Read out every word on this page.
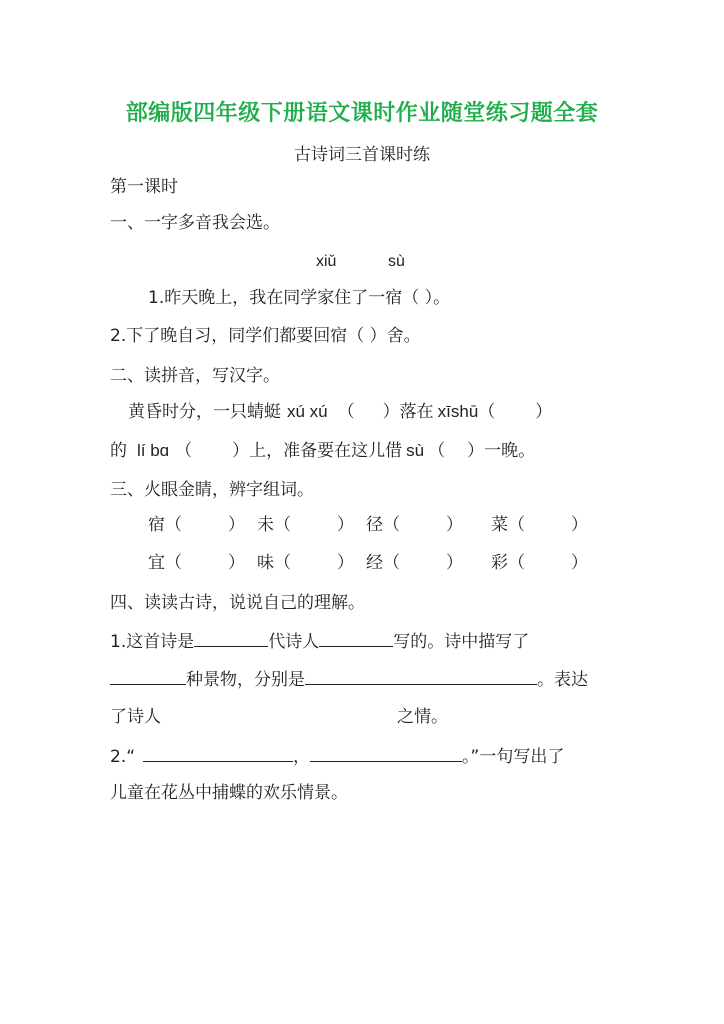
部编版四年级下册语文课时作业随堂练习题全套
古诗词三首课时练
第一课时
一、一字多音我会选。
xiǔ	sù
1.昨天晚上，我在同学家住了一宿（ ）。
2.下了晚自习，同学们都要回宿（ ）舍。
二、读拼音，写汉字。
黄昏时分，一只蜻蜓 xú xú （ ）落在 xīshū（ ）
的 lí bɑ （ ）上，准备要在这儿借 sù （ ）一晚。
三、火眼金睛，辨字组词。
宿（	） 未（	） 径（	） 菜（	）
宜（	） 味（	） 经（	） 彩（	）
四、读读古诗，说说自己的理解。
1.这首诗是	代诗人	写的。诗中描写了
种景物，分别是	。表达
了诗人	之情。
2.“	，	。”一句写出了
儿童在花丛中捕蝶的欢乐情景。
